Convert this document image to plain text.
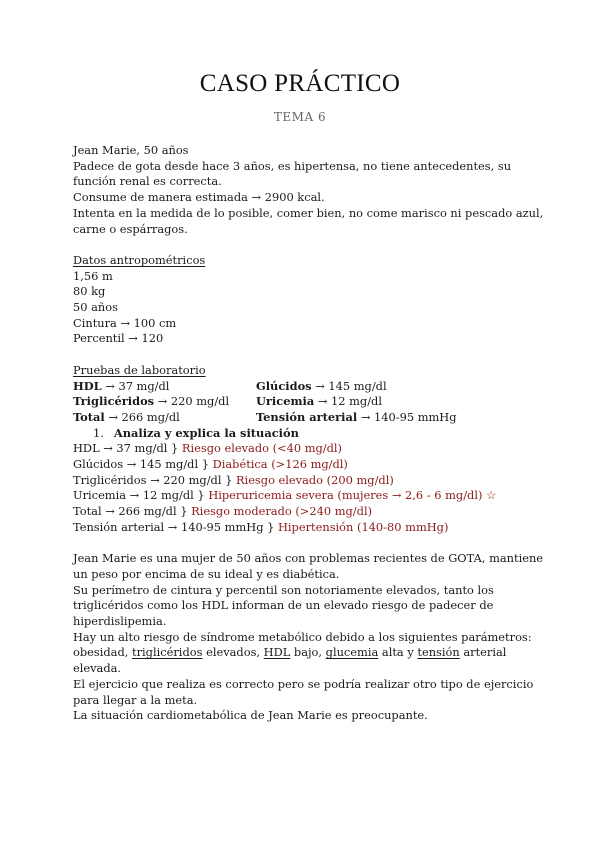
CASO PRÁCTICO
TEMA 6
Jean Marie, 50 años
Padece de gota desde hace 3 años, es hipertensa, no tiene antecedentes, su función renal es correcta.
Consume de manera estimada → 2900 kcal.
Intenta en la medida de lo posible, comer bien, no come marisco ni pescado azul, carne o espárragos.
Datos antropométricos
1,56 m
80 kg
50 años
Cintura → 100 cm
Percentil → 120
Pruebas de laboratorio
HDL → 37 mg/dl	Glúcidos → 145 mg/dl
Triglicéridos → 220 mg/dl	Uricemia → 12 mg/dl
Total → 266 mg/dl	Tensión arterial → 140-95 mmHg
1. Analiza y explica la situación
HDL → 37 mg/dl } Riesgo elevado (<40 mg/dl)
Glúcidos → 145 mg/dl } Diabética (>126 mg/dl)
Triglicéridos → 220 mg/dl } Riesgo elevado (200 mg/dl)
Uricemia → 12 mg/dl } Hiperuricemia severa (mujeres → 2,6 - 6 mg/dl) ☆
Total → 266 mg/dl } Riesgo moderado (>240 mg/dl)
Tensión arterial → 140-95 mmHg } Hipertensión (140-80 mmHg)
Jean Marie es una mujer de 50 años con problemas recientes de GOTA, mantiene un peso por encima de su ideal y es diabética.
Su perímetro de cintura y percentil son notoriamente elevados, tanto los triglicéridos como los HDL informan de un elevado riesgo de padecer de hiperdislipemia.
Hay un alto riesgo de síndrome metabólico debido a los siguientes parámetros: obesidad, triglicéridos elevados, HDL bajo, glucemia alta y tensión arterial elevada.
El ejercicio que realiza es correcto pero se podría realizar otro tipo de ejercicio para llegar a la meta.
La situación cardiometabólica de Jean Marie es preocupante.
